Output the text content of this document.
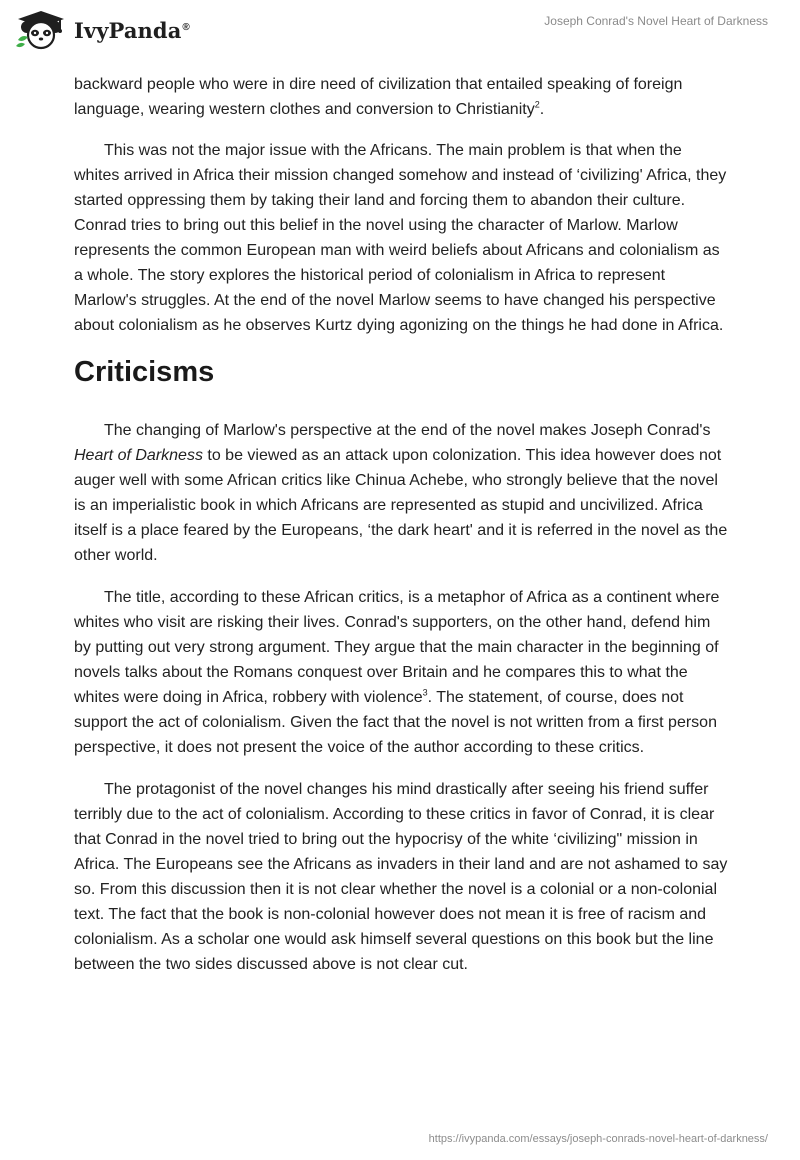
IvyPanda®	Joseph Conrad's Novel Heart of Darkness

backward people who were in dire need of civilization that entailed speaking of foreign language, wearing western clothes and conversion to Christianity$^2$.

This was not the major issue with the Africans. The main problem is that when the whites arrived in Africa their mission changed somehow and instead of ‘civilizing' Africa, they started oppressing them by taking their land and forcing them to abandon their culture. Conrad tries to bring out this belief in the novel using the character of Marlow. Marlow represents the common European man with weird beliefs about Africans and colonialism as a whole. The story explores the historical period of colonialism in Africa to represent Marlow's struggles. At the end of the novel Marlow seems to have changed his perspective about colonialism as he observes Kurtz dying agonizing on the things he had done in Africa.

Criticisms

The changing of Marlow's perspective at the end of the novel makes Joseph Conrad's Heart of Darkness to be viewed as an attack upon colonization. This idea however does not auger well with some African critics like Chinua Achebe, who strongly believe that the novel is an imperialistic book in which Africans are represented as stupid and uncivilized. Africa itself is a place feared by the Europeans, ‘the dark heart' and it is referred in the novel as the other world.

The title, according to these African critics, is a metaphor of Africa as a continent where whites who visit are risking their lives. Conrad's supporters, on the other hand, defend him by putting out very strong argument. They argue that the main character in the beginning of novels talks about the Romans conquest over Britain and he compares this to what the whites were doing in Africa, robbery with violence$^3$. The statement, of course, does not support the act of colonialism. Given the fact that the novel is not written from a first person perspective, it does not present the voice of the author according to these critics.

The protagonist of the novel changes his mind drastically after seeing his friend suffer terribly due to the act of colonialism. According to these critics in favor of Conrad, it is clear that Conrad in the novel tried to bring out the hypocrisy of the white ‘civilizing" mission in Africa. The Europeans see the Africans as invaders in their land and are not ashamed to say so. From this discussion then it is not clear whether the novel is a colonial or a non-colonial text. The fact that the book is non-colonial however does not mean it is free of racism and colonialism. As a scholar one would ask himself several questions on this book but the line between the two sides discussed above is not clear cut.

https://ivypanda.com/essays/joseph-conrads-novel-heart-of-darkness/
